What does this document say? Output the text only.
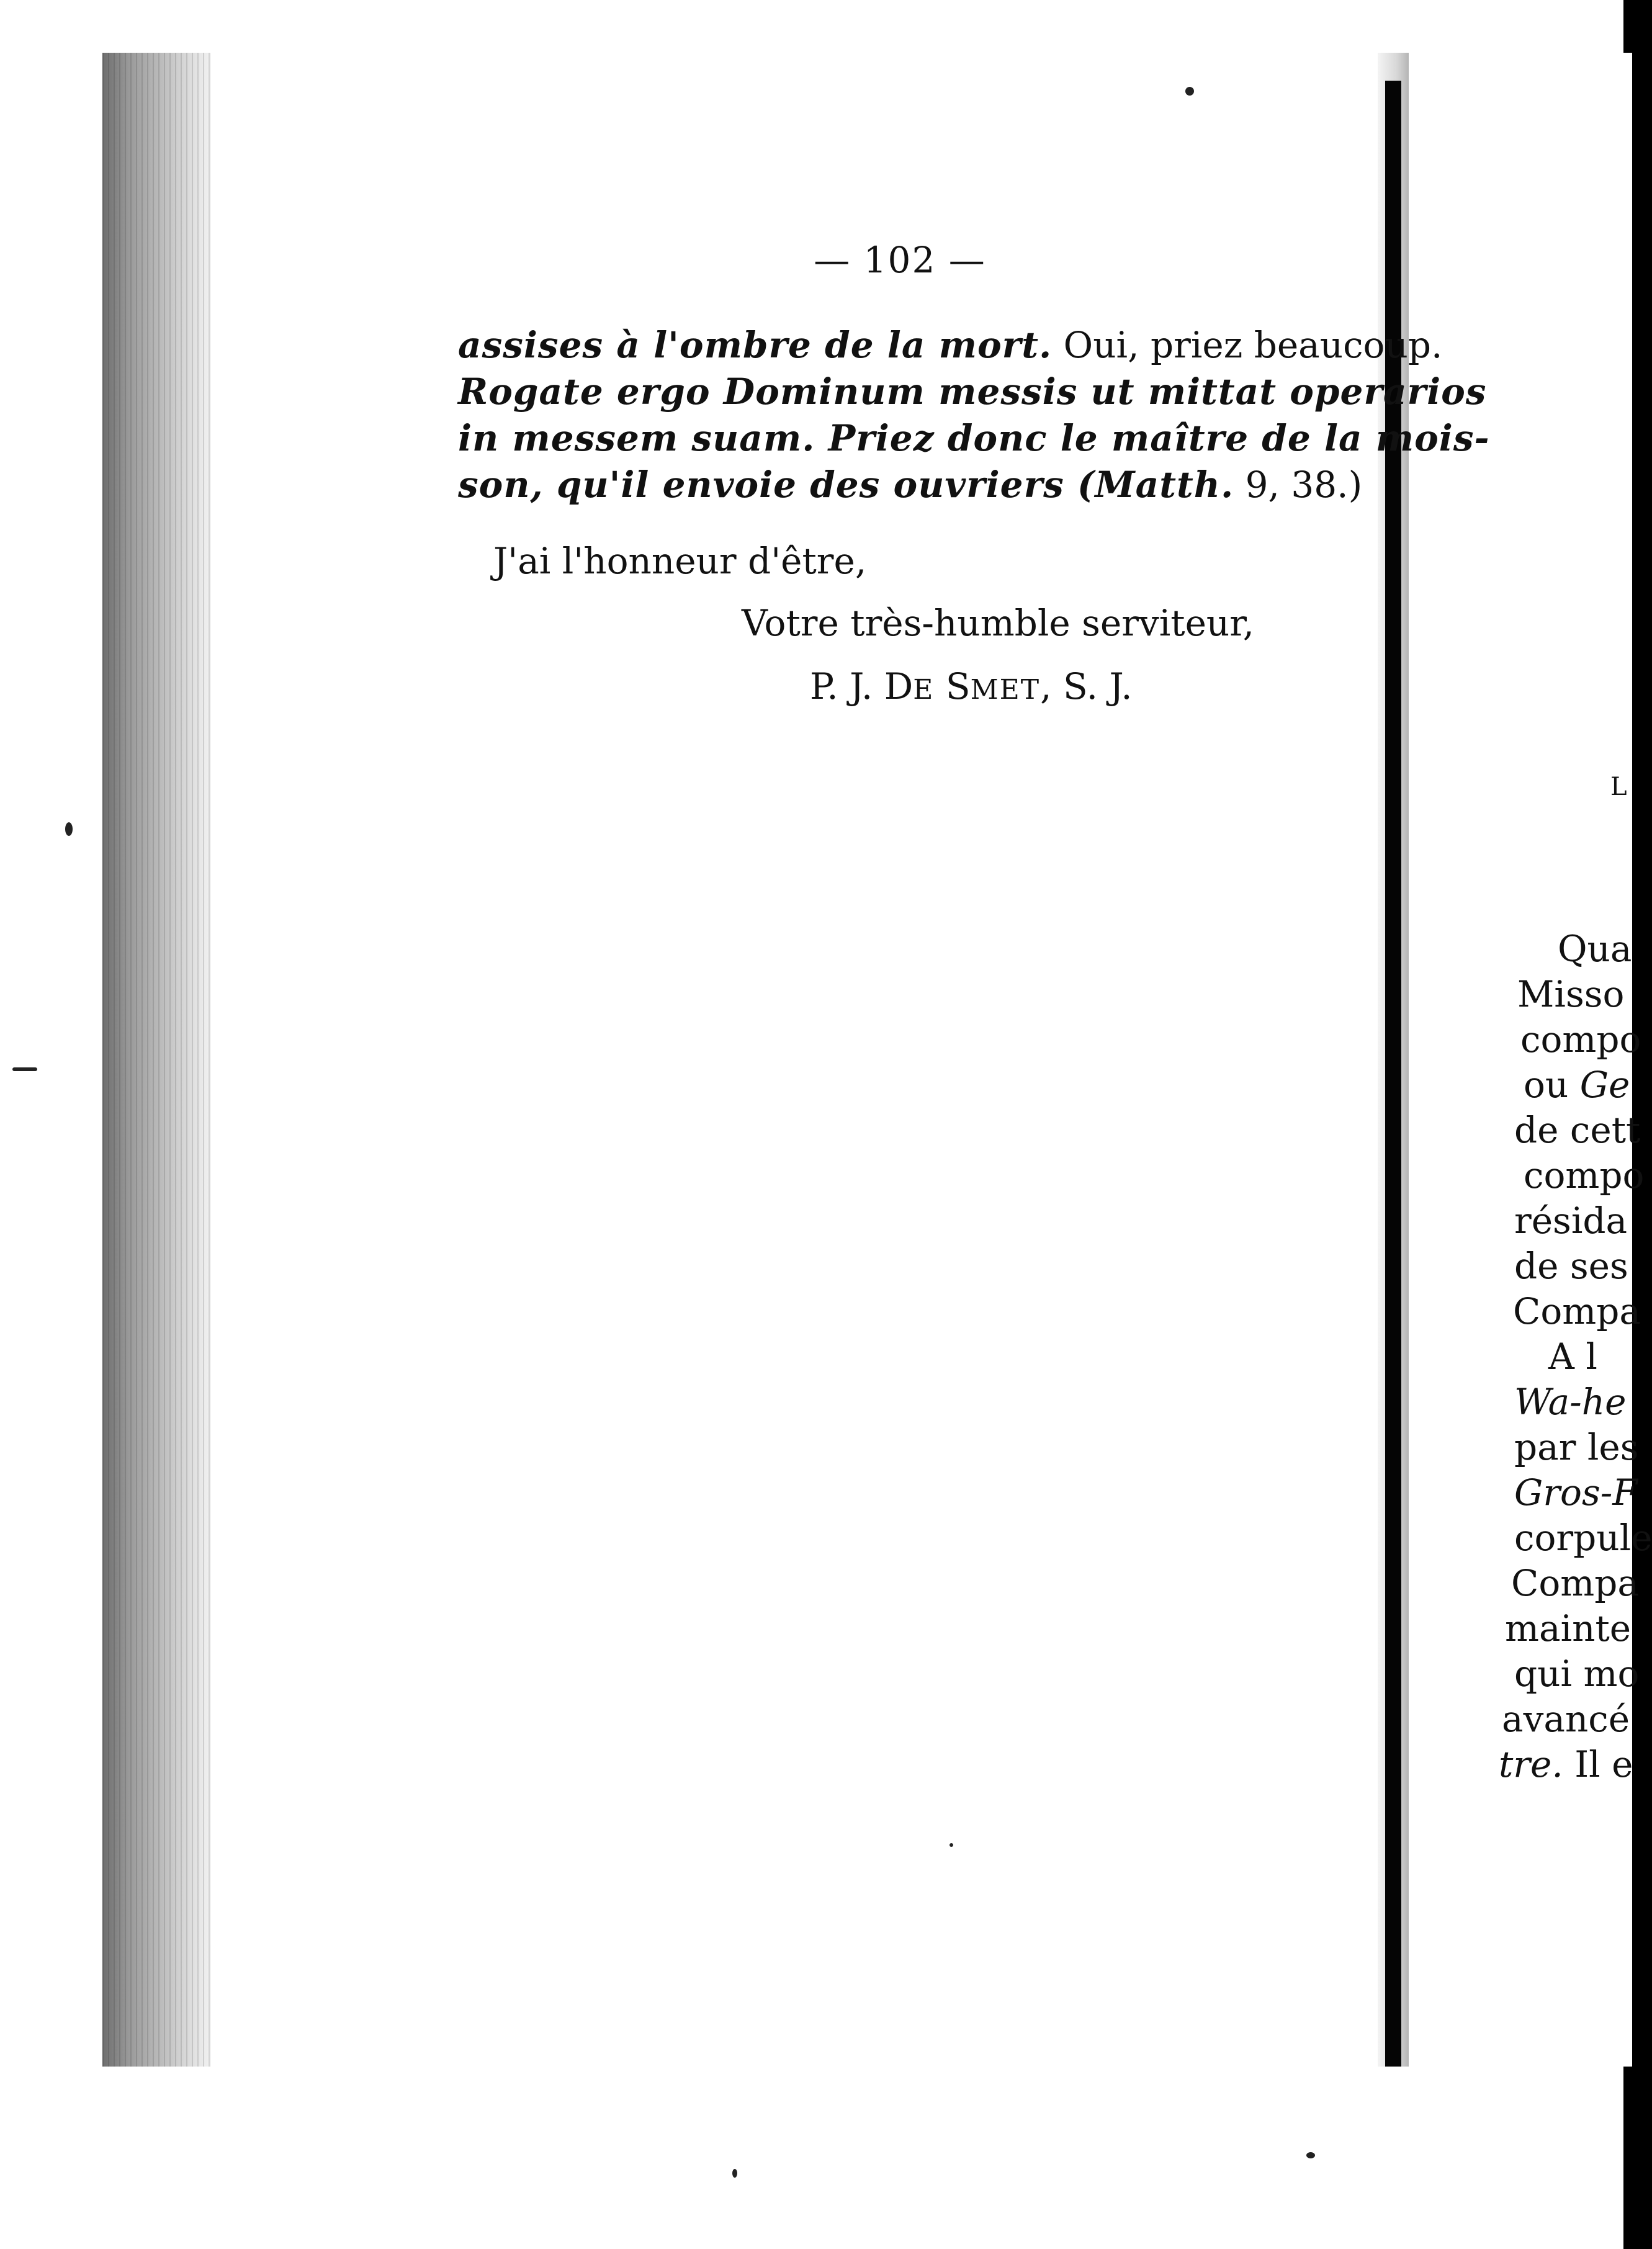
L
Qua
Misso
compo
ou Ge
de cett
compo
résida
de ses
Compa
A l
Wa-he
par les
Gros-F
corpule
Compa
mainte
qui mo
avancé
tre. Il e
— 102 —
assises à l'ombre de la mort. Oui, priez beaucoup.
Rogate ergo Dominum messis ut mittat operarios
in messem suam. Priez donc le maître de la mois-
son, qu'il envoie des ouvriers (Matth. 9, 38.)
J'ai l'honneur d'être,
Votre très-humble serviteur,
P. J. DE SMET, S. J.
